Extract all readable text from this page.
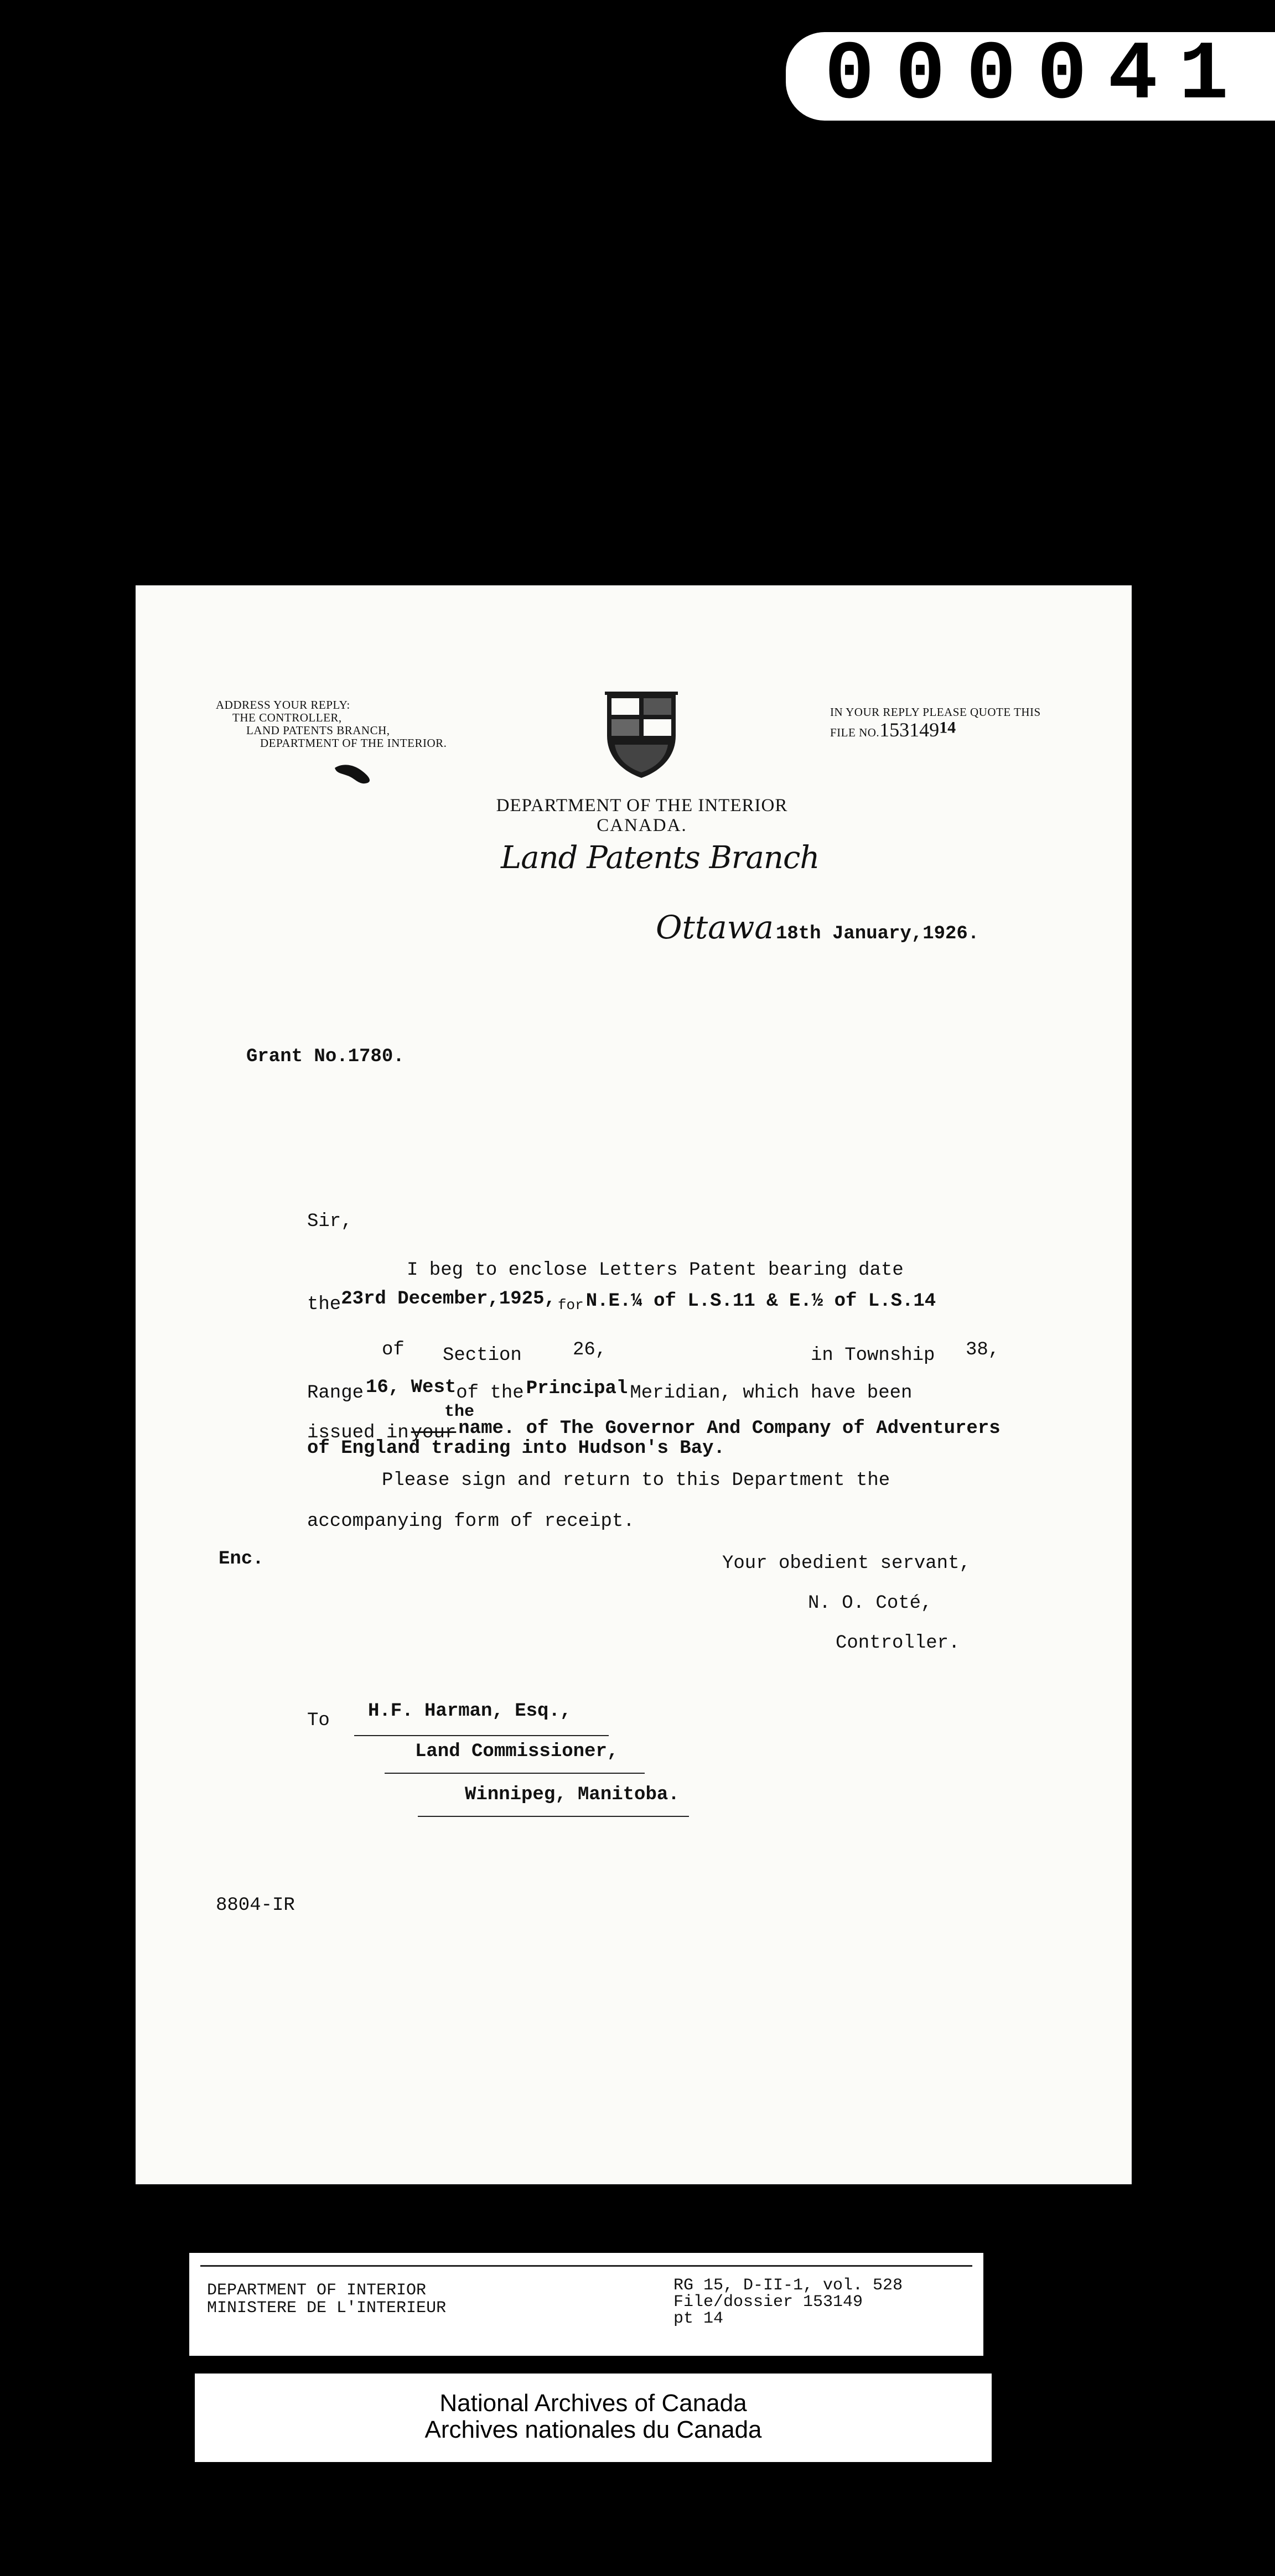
000041
ADDRESS YOUR REPLY:
THE CONTROLLER,
LAND PATENTS BRANCH,
DEPARTMENT OF THE INTERIOR.
IN YOUR REPLY PLEASE QUOTE THIS
FILE NO.15314914
DEPARTMENT OF THE INTERIOR
CANADA.
Land Patents Branch
Ottawa 18th January,1926.
Grant No.1780.
Sir,
I beg to enclose Letters Patent bearing date
the23rd December,1925, for N.E.¼ of L.S.11 & E.½ of L.S.14
of Section	26,	in Township 38,
Range 16, Westof the Principal Meridian, which have been
the
issued in your name. of The Governor And Company of Adventurers
of England trading into Hudson's Bay.
Please sign and return to this Department the
accompanying form of receipt.
Enc.	Your obedient servant,
N. O. Coté,
Controller.
To H.F. Harman, Esq.,
Land Commissioner,
Winnipeg, Manitoba.
8804-IR
DEPARTMENT OF INTERIOR
MINISTERE DE L'INTERIEUR
RG 15, D-II-1, vol. 528
File/dossier 153149
pt 14
National Archives of Canada
Archives nationales du Canada
